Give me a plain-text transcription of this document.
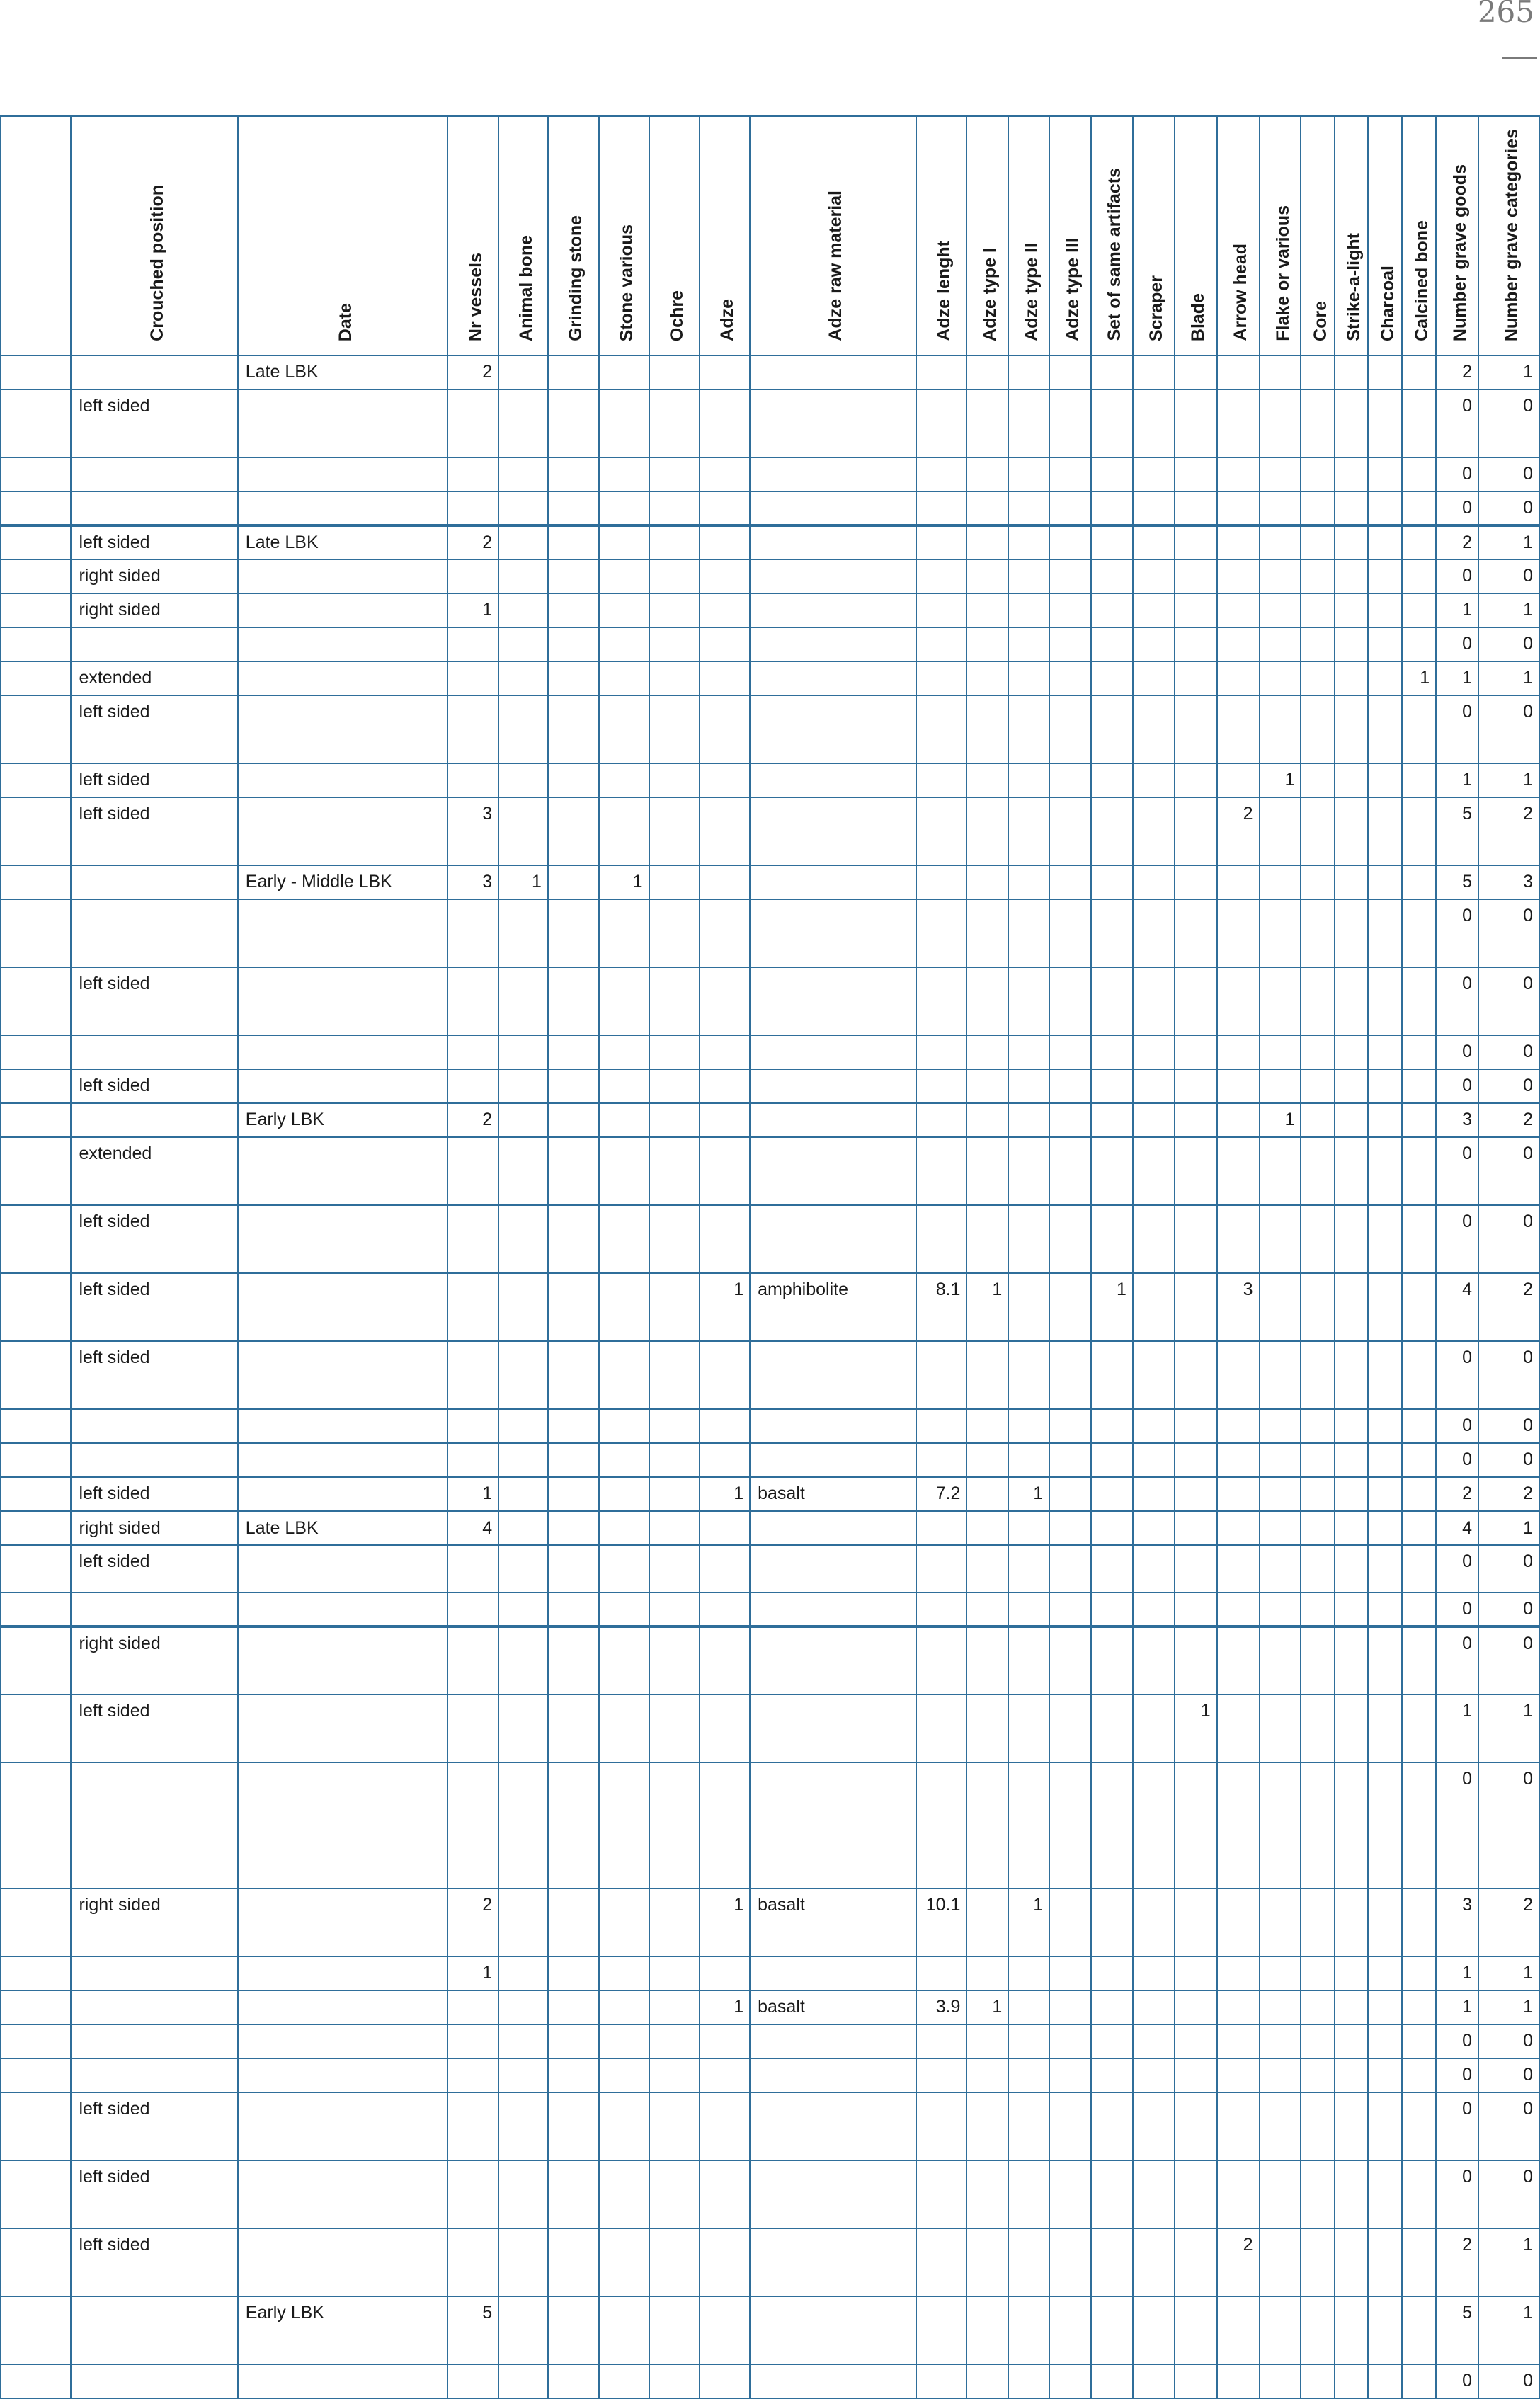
265
	Crouched position	Date	Nr vessels	Animal bone	Grinding stone	Stone various	Ochre	Adze	Adze raw material	Adze lenght	Adze type I	Adze type II	Adze type III	Set of same artifacts	Scraper	Blade	Arrow head	Flake or various	Core	Strike-a-light	Charcoal	Calcined bone	Number grave goods	Number grave categories
		Late LBK	2																				2	1
	left sided																						0	0
																							0	0
																							0	0
	left sided	Late LBK	2																				2	1
	right sided																						0	0
	right sided		1																				1	1
																							0	0
	extended																					1	1	1
	left sided																						0	0
	left sided																	1					1	1
	left sided		3														2						5	2
		Early - Middle LBK	3	1		1																	5	3
																							0	0
	left sided																						0	0
																							0	0
	left sided																						0	0
		Early LBK	2															1					3	2
	extended																						0	0
	left sided																						0	0
	left sided							1	amphibolite	8.1	1			1			3						4	2
	left sided																						0	0
																							0	0
																							0	0
	left sided		1					1	basalt	7.2		1											2	2
	right sided	Late LBK	4																				4	1
	left sided																						0	0
																							0	0
	right sided																						0	0
	left sided															1							1	1
																							0	0
	right sided		2					1	basalt	10.1		1											3	2
			1																				1	1
								1	basalt	3.9	1												1	1
																							0	0
																							0	0
	left sided																						0	0
	left sided																						0	0
	left sided																2						2	1
		Early LBK	5																				5	1
																							0	0
